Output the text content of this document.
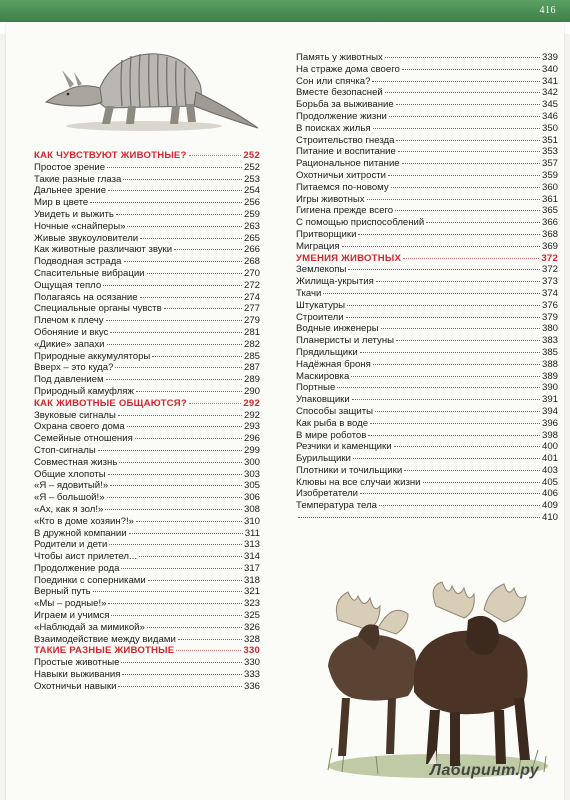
416
КАК ЧУВСТВУЮТ ЖИВОТНЫЕ?	252
Простое зрение	252
Такие разные глаза	253
Дальнее зрение	254
Мир в цвете	256
Увидеть и выжить	259
Ночные «снайперы»	263
Живые звукоуловители	265
Как животные различают звуки	266
Подводная эстрада	268
Спасительные вибрации	270
Ощущая тепло	272
Полагаясь на осязание	274
Специальные органы чувств	277
Плечом к плечу	279
Обоняние и вкус	281
«Дикие» запахи	282
Природные аккумуляторы	285
Вверх – это куда?	287
Под давлением	289
Природный камуфляж	290
КАК ЖИВОТНЫЕ ОБЩАЮТСЯ?	292
Звуковые сигналы	292
Охрана своего дома	293
Семейные отношения	296
Стоп-сигналы	299
Совместная жизнь	300
Общие хлопоты	303
«Я – ядовитый!»	305
«Я – большой!»	306
«Ах, как я зол!»	308
«Кто в доме хозяин?!»	310
В дружной компании	311
Родители и дети	313
Чтобы аист прилетел...	314
Продолжение рода	317
Поединки с соперниками	318
Верный путь	321
«Мы – родные!»	323
Играем и учимся	325
«Наблюдай за мимикой»	326
Взаимодействие между видами	328
ТАКИЕ РАЗНЫЕ ЖИВОТНЫЕ	330
Простые животные	330
Навыки выживания	333
Охотничьи навыки	336
Память у животных	339
На страже дома своего	340
Сон или спячка?	341
Вместе безопасней	342
Борьба за выживание	345
Продолжение жизни	346
В поисках жилья	350
Строительство гнезда	351
Питание и воспитание	353
Рациональное питание	357
Охотничьи хитрости	359
Питаемся по-новому	360
Игры животных	361
Гигиена прежде всего	365
С помощью приспособлений	366
Притворщики	368
Миграция	369
УМЕНИЯ ЖИВОТНЫХ	372
Землекопы	372
Жилища-укрытия	373
Ткачи	374
Штукатуры	376
Строители	379
Водные инженеры	380
Планеристы и летуны	383
Прядильщики	385
Надёжная броня	388
Маскировка	389
Портные	390
Упаковщики	391
Способы защиты	394
Как рыба в воде	396
В мире роботов	398
Резчики и каменщики	400
Бурильщики	401
Плотники и точильщики	403
Клювы на все случаи жизни	405
Изобретатели	406
Температура тела	409
410
Лабиринт.ру
